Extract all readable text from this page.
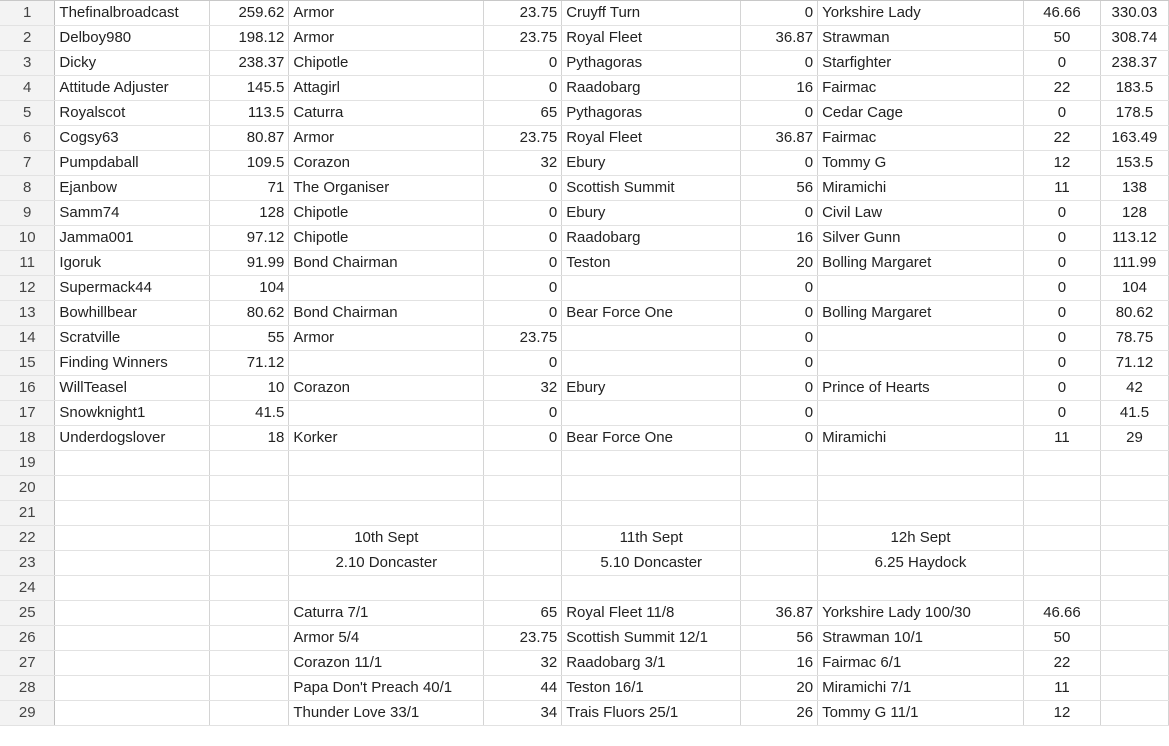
1	Thefinalbroadcast	259.62	Armor	23.75	Cruyff Turn	0	Yorkshire Lady	46.66	330.03
2	Delboy980	198.12	Armor	23.75	Royal Fleet	36.87	Strawman	50	308.74
3	Dicky	238.37	Chipotle	0	Pythagoras	0	Starfighter	0	238.37
4	Attitude Adjuster	145.5	Attagirl	0	Raadobarg	16	Fairmac	22	183.5
5	Royalscot	113.5	Caturra	65	Pythagoras	0	Cedar Cage	0	178.5
6	Cogsy63	80.87	Armor	23.75	Royal Fleet	36.87	Fairmac	22	163.49
7	Pumpdaball	109.5	Corazon	32	Ebury	0	Tommy G	12	153.5
8	Ejanbow	71	The Organiser	0	Scottish Summit	56	Miramichi	11	138
9	Samm74	128	Chipotle	0	Ebury	0	Civil Law	0	128
10	Jamma001	97.12	Chipotle	0	Raadobarg	16	Silver Gunn	0	113.12
11	Igoruk	91.99	Bond Chairman	0	Teston	20	Bolling Margaret	0	111.99
12	Supermack44	104		0		0		0	104
13	Bowhillbear	80.62	Bond Chairman	0	Bear Force One	0	Bolling Margaret	0	80.62
14	Scratville	55	Armor	23.75		0		0	78.75
15	Finding Winners	71.12		0		0		0	71.12
16	WillTeasel	10	Corazon	32	Ebury	0	Prince of Hearts	0	42
17	Snowknight1	41.5		0		0		0	41.5
18	Underdogslover	18	Korker	0	Bear Force One	0	Miramichi	11	29
19									
20									
21									
22			10th Sept		11th Sept		12h Sept		
23			2.10 Doncaster		5.10 Doncaster		6.25 Haydock		
24									
25			Caturra 7/1	65	Royal Fleet 11/8	36.87	Yorkshire Lady 100/30	46.66	
26			Armor 5/4	23.75	Scottish Summit 12/1	56	Strawman 10/1	50	
27			Corazon 11/1	32	Raadobarg 3/1	16	Fairmac 6/1	22	
28			Papa Don't Preach 40/1	44	Teston 16/1	20	Miramichi 7/1	11	
29			Thunder Love 33/1	34	Trais Fluors 25/1	26	Tommy G 11/1	12	
